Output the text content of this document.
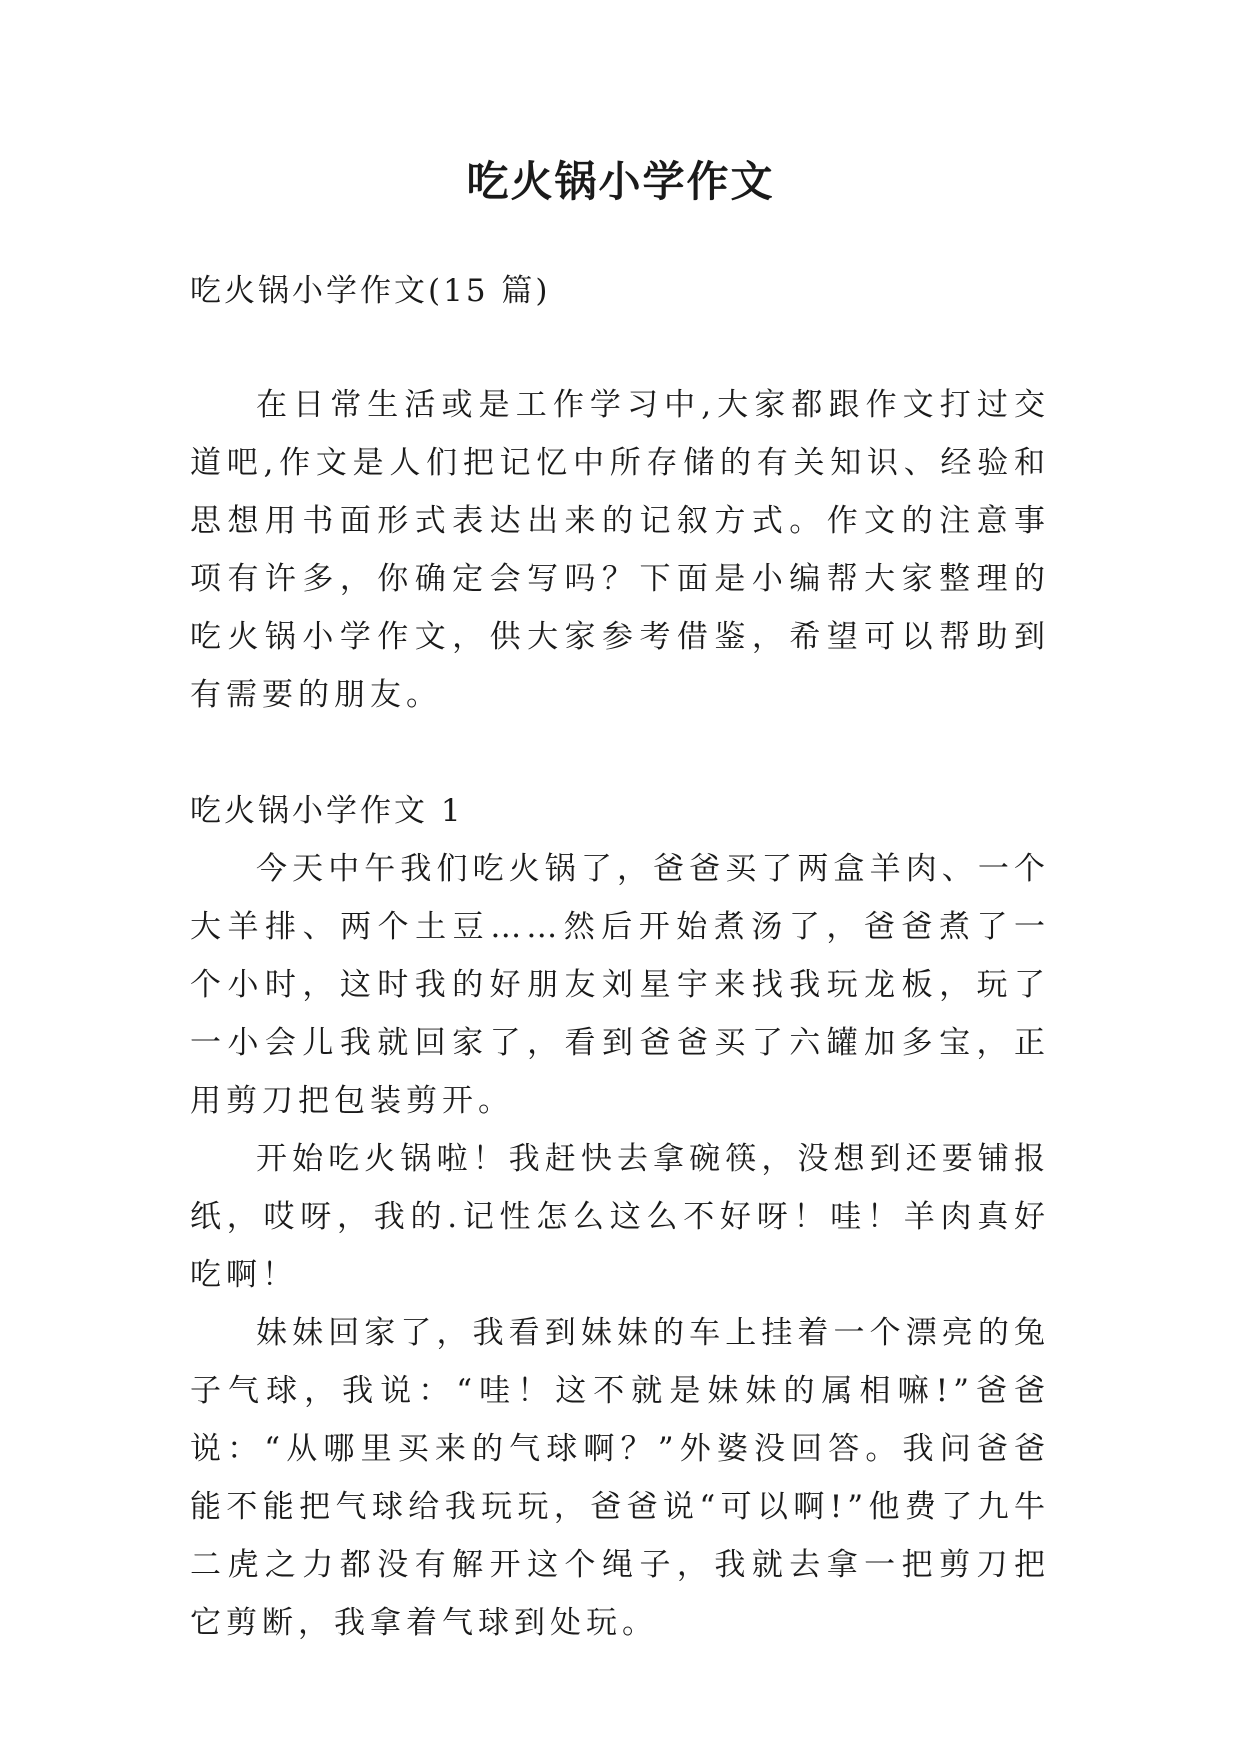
吃火锅小学作文

吃火锅小学作文(15 篇)

在日常生活或是工作学习中,大家都跟作文打过交道吧,作文是人们把记忆中所存储的有关知识、经验和思想用书面形式表达出来的记叙方式。作文的注意事项有许多，你确定会写吗？下面是小编帮大家整理的吃火锅小学作文，供大家参考借鉴，希望可以帮助到有需要的朋友。

吃火锅小学作文 1

今天中午我们吃火锅了，爸爸买了两盒羊肉、一个大羊排、两个土豆……然后开始煮汤了，爸爸煮了一个小时，这时我的好朋友刘星宇来找我玩龙板，玩了一小会儿我就回家了，看到爸爸买了六罐加多宝，正用剪刀把包装剪开。

开始吃火锅啦！我赶快去拿碗筷，没想到还要铺报纸，哎呀，我的.记性怎么这么不好呀！哇！羊肉真好吃啊！

妹妹回家了，我看到妹妹的车上挂着一个漂亮的兔子气球，我说：“哇！这不就是妹妹的属相嘛!”爸爸说：“从哪里买来的气球啊？”外婆没回答。我问爸爸能不能把气球给我玩玩，爸爸说“可以啊!”他费了九牛二虎之力都没有解开这个绳子，我就去拿一把剪刀把它剪断，我拿着气球到处玩。
